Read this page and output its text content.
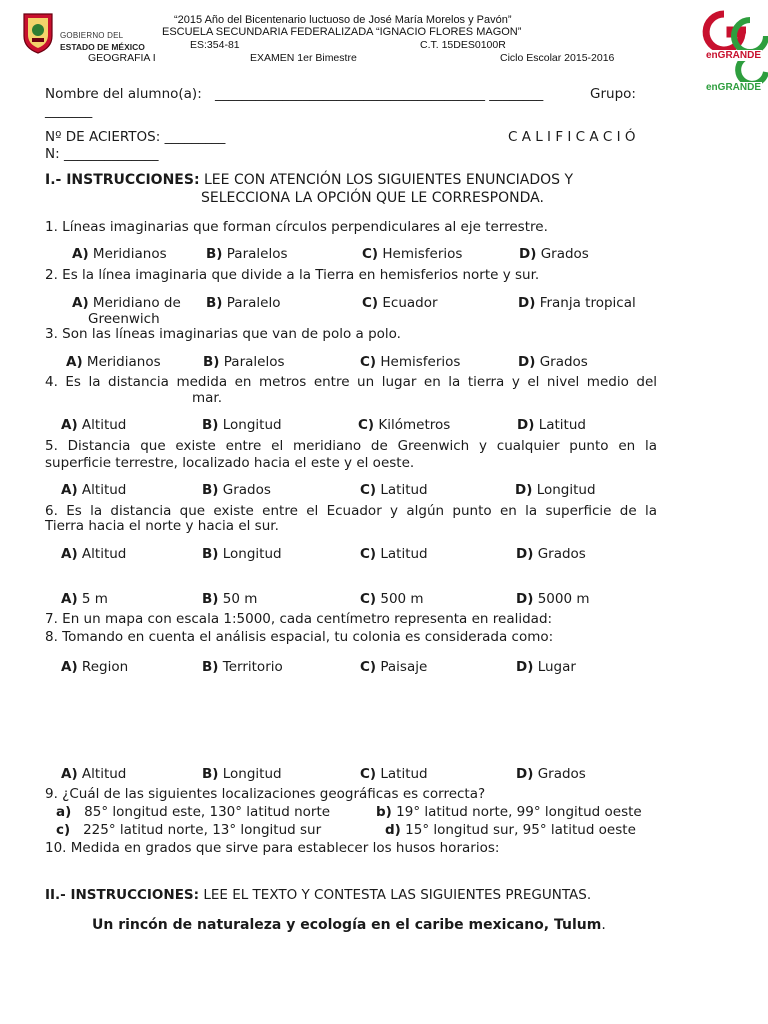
GOBIERNO DEL
ESTADO DE MÉXICO
enGRANDE
enGRANDE
“2015 Año del Bicentenario luctuoso de José María Morelos y Pavón”
ESCUELA SECUNDARIA FEDERALIZADA “IGNACIO FLORES MAGON”
ES:354-81	C.T. 15DES0100R
GEOGRAFIA I	EXAMEN 1er Bimestre	Ciclo Escolar 2015-2016
Nombre del alumno(a): ________________________________________ ________	Grupo:
_______
Nº DE ACIERTOS: _________	C A L I F I C A C I Ó
N: ______________
I.- INSTRUCCIONES: LEE CON ATENCIÓN LOS SIGUIENTES ENUNCIADOS Y
SELECCIONA LA OPCIÓN QUE LE CORRESPONDA.
1. Líneas imaginarias que forman círculos perpendiculares al eje terrestre.
A) Meridianos	B) Paralelos	C) Hemisferios	D) Grados
2. Es la línea imaginaria que divide a la Tierra en hemisferios norte y sur.
A) Meridiano de
Greenwich
B) Paralelo	C) Ecuador	D) Franja tropical
3. Son las líneas imaginarias que van de polo a polo.
A) Meridianos	B) Paralelos	C) Hemisferios	D) Grados
4. Es la distancia medida en metros entre un lugar en la tierra y el nivel medio del
mar.
A) Altitud	B) Longitud	C) Kilómetros	D) Latitud
5. Distancia que existe entre el meridiano de Greenwich y cualquier punto en la
superficie terrestre, localizado hacia el este y el oeste.
A) Altitud	B) Grados	C) Latitud	D) Longitud
6. Es la distancia que existe entre el Ecuador y algún punto en la superficie de la
Tierra hacia el norte y hacia el sur.
A) Altitud	B) Longitud	C) Latitud	D) Grados
A) 5 m	B) 50 m	C) 500 m	D) 5000 m
7. En un mapa con escala 1:5000, cada centímetro representa en realidad:
8. Tomando en cuenta el análisis espacial, tu colonia es considerada como:
A) Region	B) Territorio	C) Paisaje	D) Lugar
A) Altitud	B) Longitud	C) Latitud	D) Grados
9. ¿Cuál de las siguientes localizaciones geográficas es correcta?
a) 85° longitud este, 130° latitud norte	b) 19° latitud norte, 99° longitud oeste
c) 225° latitud norte, 13° longitud sur	d) 15° longitud sur, 95° latitud oeste
10. Medida en grados que sirve para establecer los husos horarios:
II.- INSTRUCCIONES: LEE EL TEXTO Y CONTESTA LAS SIGUIENTES PREGUNTAS.
Un rincón de naturaleza y ecología en el caribe mexicano, Tulum.
